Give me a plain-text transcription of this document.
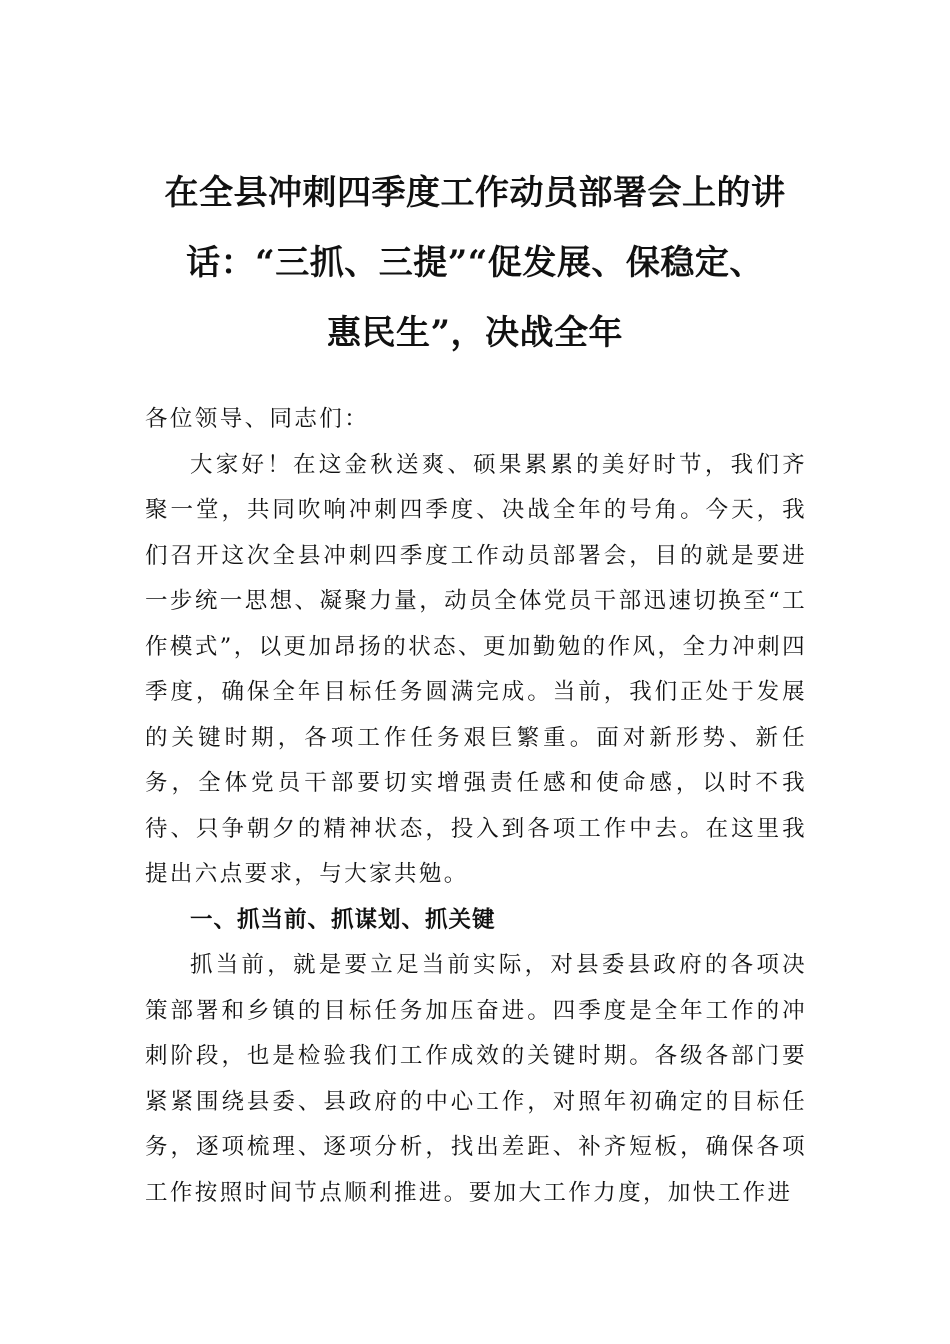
在全县冲刺四季度工作动员部署会上的讲
话：“三抓、三提”“促发展、保稳定、
惠民生”，决战全年

各位领导、同志们：

大家好！在这金秋送爽、硕果累累的美好时节，我们齐聚一堂，共同吹响冲刺四季度、决战全年的号角。今天，我们召开这次全县冲刺四季度工作动员部署会，目的就是要进一步统一思想、凝聚力量，动员全体党员干部迅速切换至“工作模式”，以更加昂扬的状态、更加勤勉的作风，全力冲刺四季度，确保全年目标任务圆满完成。当前，我们正处于发展的关键时期，各项工作任务艰巨繁重。面对新形势、新任务，全体党员干部要切实增强责任感和使命感，以时不我待、只争朝夕的精神状态，投入到各项工作中去。在这里我提出六点要求，与大家共勉。

一、抓当前、抓谋划、抓关键

抓当前，就是要立足当前实际，对县委县政府的各项决策部署和乡镇的目标任务加压奋进。四季度是全年工作的冲刺阶段，也是检验我们工作成效的关键时期。各级各部门要紧紧围绕县委、县政府的中心工作，对照年初确定的目标任务，逐项梳理、逐项分析，找出差距、补齐短板，确保各项工作按照时间节点顺利推进。要加大工作力度，加快工作进
